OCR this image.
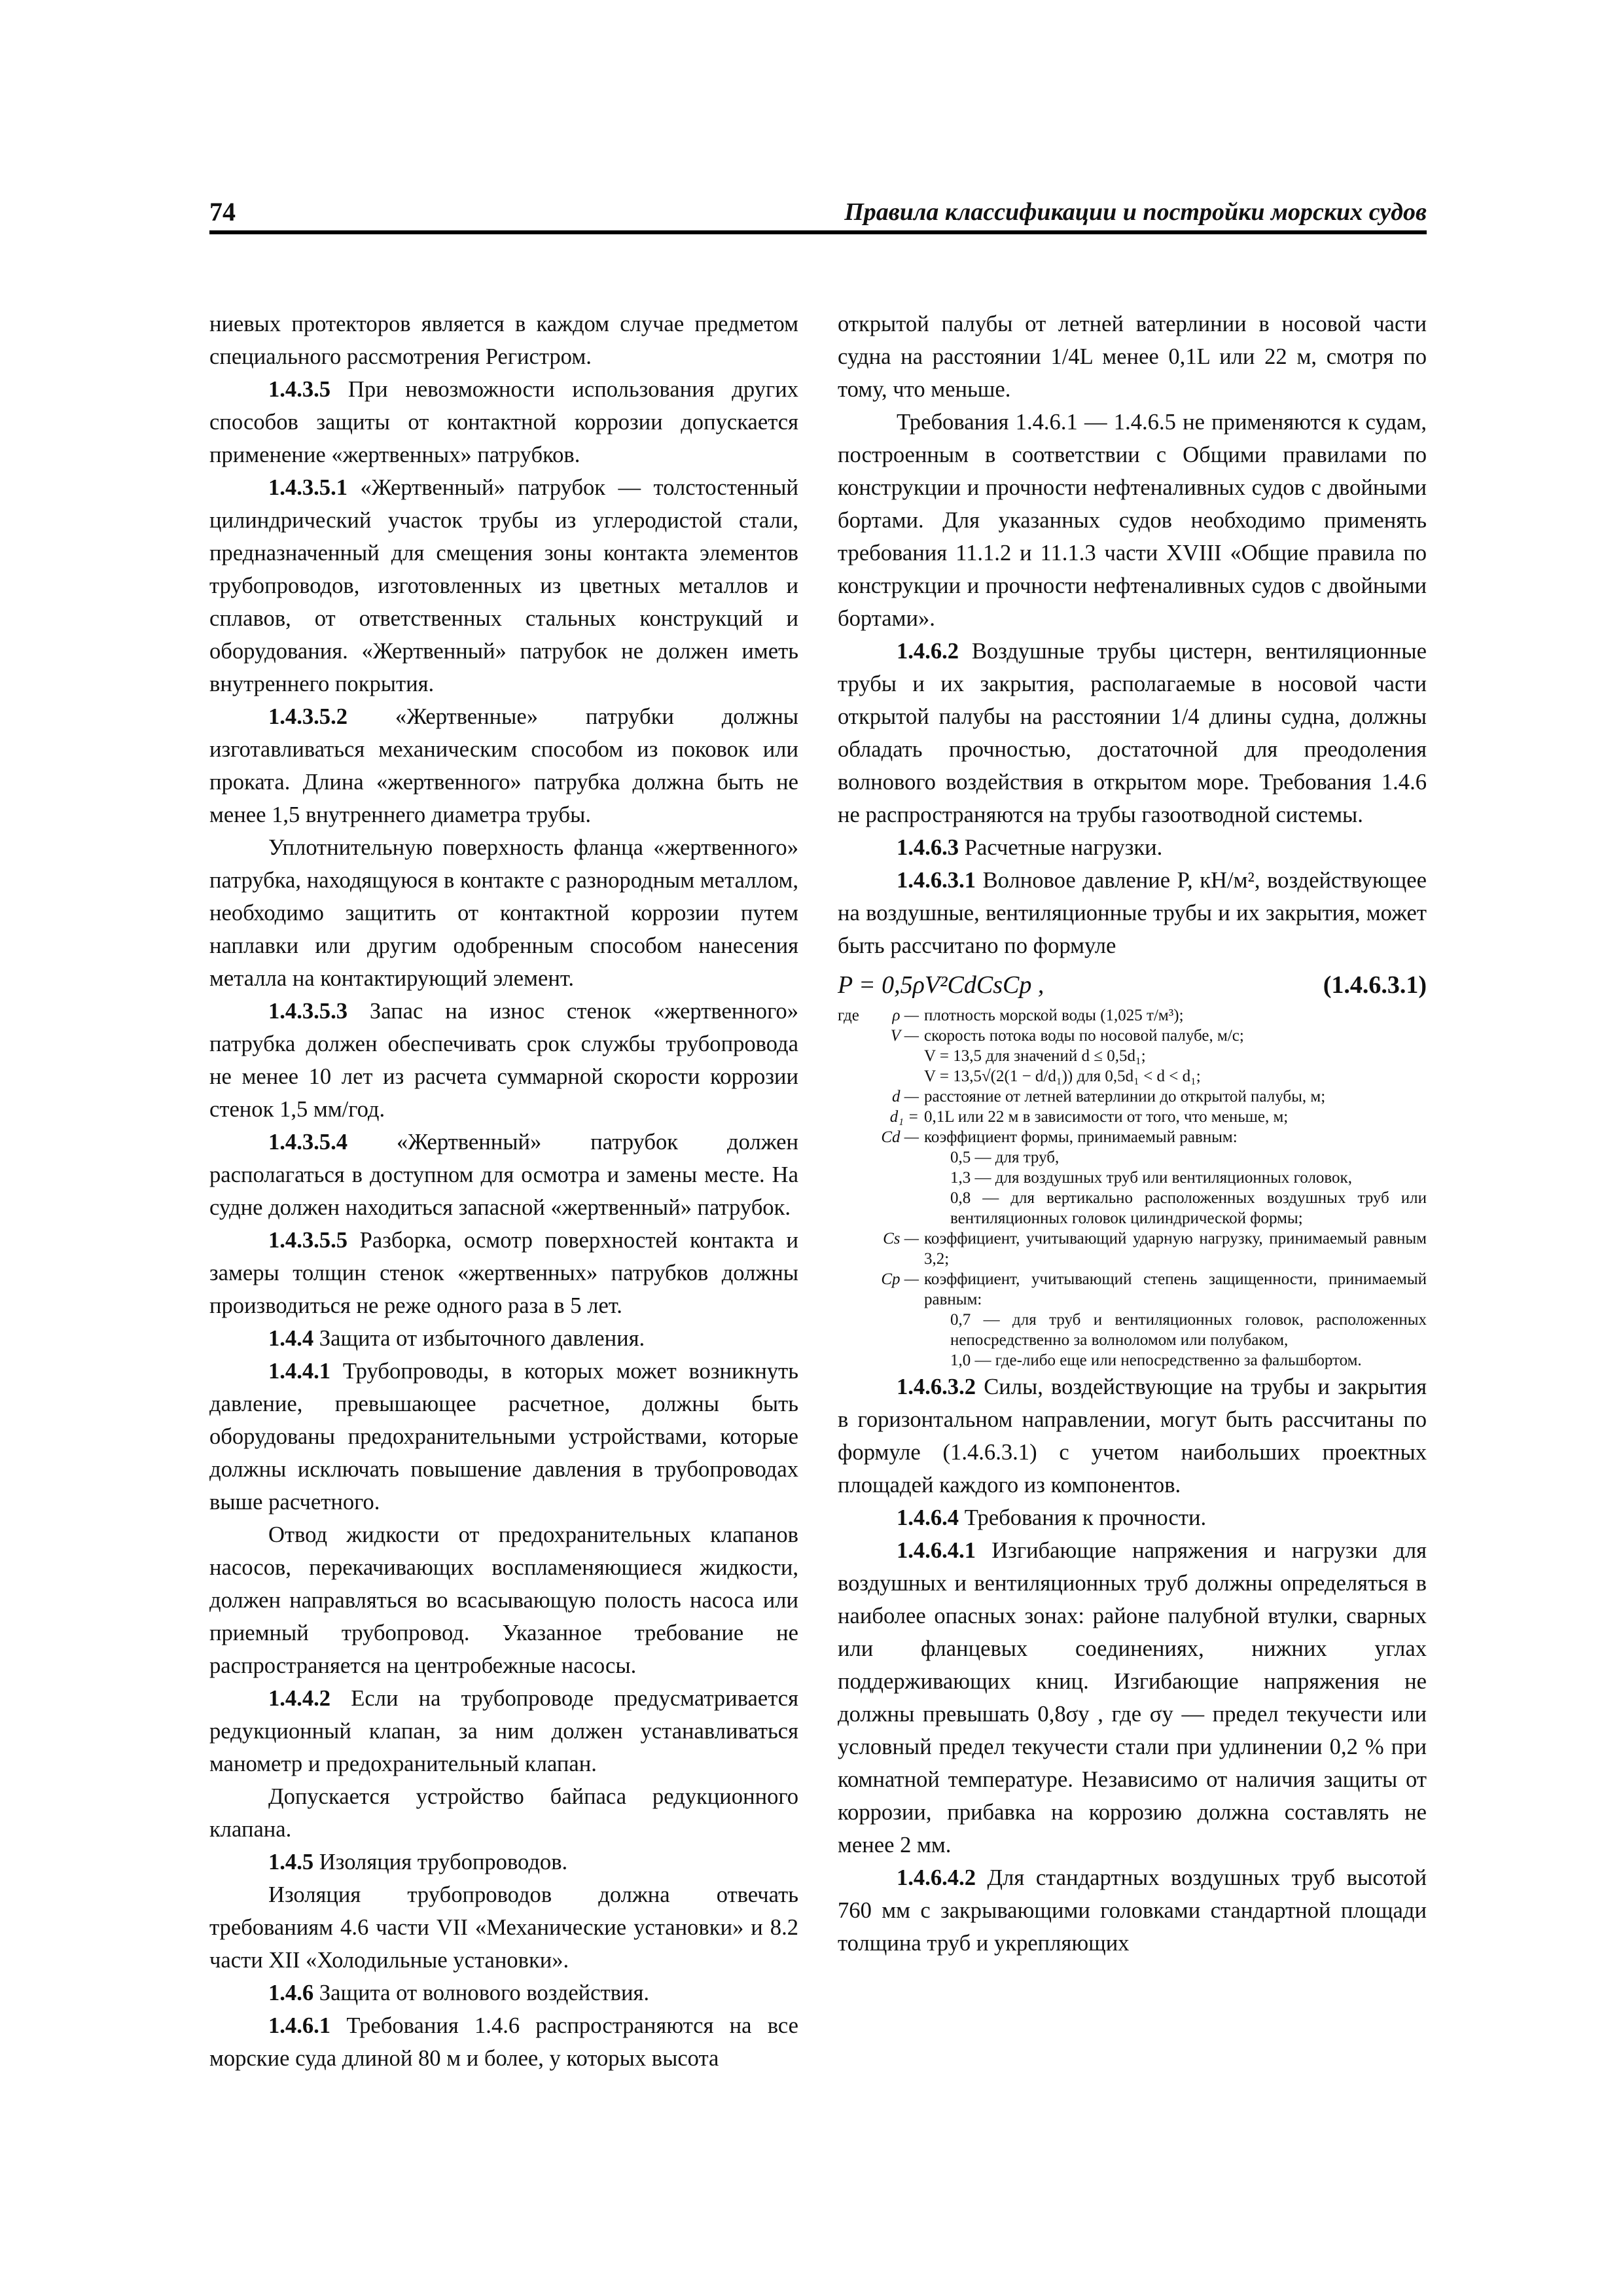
74	Правила классификации и постройки морских судов

ниевых протекторов является в каждом случае предметом специального рассмотрения Регистром.

1.4.3.5 При невозможности использования других способов защиты от контактной коррозии допускается применение «жертвенных» патрубков.

1.4.3.5.1 «Жертвенный» патрубок — толстостенный цилиндрический участок трубы из углеродистой стали, предназначенный для смещения зоны контакта элементов трубопроводов, изготовленных из цветных металлов и сплавов, от ответственных стальных конструкций и оборудования. «Жертвенный» патрубок не должен иметь внутреннего покрытия.

1.4.3.5.2 «Жертвенные» патрубки должны изготавливаться механическим способом из поковок или проката. Длина «жертвенного» патрубка должна быть не менее 1,5 внутреннего диаметра трубы.

Уплотнительную поверхность фланца «жертвенного» патрубка, находящуюся в контакте с разнородным металлом, необходимо защитить от контактной коррозии путем наплавки или другим одобренным способом нанесения металла на контактирующий элемент.

1.4.3.5.3 Запас на износ стенок «жертвенного» патрубка должен обеспечивать срок службы трубопровода не менее 10 лет из расчета суммарной скорости коррозии стенок 1,5 мм/год.

1.4.3.5.4 «Жертвенный» патрубок должен располагаться в доступном для осмотра и замены месте. На судне должен находиться запасной «жертвенный» патрубок.

1.4.3.5.5 Разборка, осмотр поверхностей контакта и замеры толщин стенок «жертвенных» патрубков должны производиться не реже одного раза в 5 лет.

1.4.4 Защита от избыточного давления.

1.4.4.1 Трубопроводы, в которых может возникнуть давление, превышающее расчетное, должны быть оборудованы предохранительными устройствами, которые должны исключать повышение давления в трубопроводах выше расчетного.

Отвод жидкости от предохранительных клапанов насосов, перекачивающих воспламеняющиеся жидкости, должен направляться во всасывающую полость насоса или приемный трубопровод. Указанное требование не распространяется на центробежные насосы.

1.4.4.2 Если на трубопроводе предусматривается редукционный клапан, за ним должен устанавливаться манометр и предохранительный клапан.

Допускается устройство байпаса редукционного клапана.

1.4.5 Изоляция трубопроводов.

Изоляция трубопроводов должна отвечать требованиям 4.6 части VII «Механические установки» и 8.2 части XII «Холодильные установки».

1.4.6 Защита от волнового воздействия.

1.4.6.1 Требования 1.4.6 распространяются на все морские суда длиной 80 м и более, у которых высота

открытой палубы от летней ватерлинии в носовой части судна на расстоянии 1/4L менее 0,1L или 22 м, смотря по тому, что меньше.

Требования 1.4.6.1 — 1.4.6.5 не применяются к судам, построенным в соответствии с Общими правилами по конструкции и прочности нефтеналивных судов с двойными бортами. Для указанных судов необходимо применять требования 11.1.2 и 11.1.3 части XVIII «Общие правила по конструкции и прочности нефтеналивных судов с двойными бортами».

1.4.6.2 Воздушные трубы цистерн, вентиляционные трубы и их закрытия, располагаемые в носовой части открытой палубы на расстоянии 1/4 длины судна, должны обладать прочностью, достаточной для преодоления волнового воздействия в открытом море. Требования 1.4.6 не распространяются на трубы газоотводной системы.

1.4.6.3 Расчетные нагрузки.

1.4.6.3.1 Волновое давление P, кН/м², воздействующее на воздушные, вентиляционные трубы и их закрытия, может быть рассчитано по формуле

P = 0,5ρV²CdCsCp ,	(1.4.6.3.1)
где	ρ — плотность морской воды (1,025 т/м³);
V — скорость потока воды по носовой палубе, м/с;
V = 13,5 для значений d ≤ 0,5d₁;
V = 13,5√(2(1 − d/d₁)) для 0,5d₁ < d < d₁;
d — расстояние от летней ватерлинии до открытой палубы, м;
d₁ = 0,1L или 22 м в зависимости от того, что меньше, м;
Cd — коэффициент формы, принимаемый равным:
0,5 — для труб,
1,3 — для воздушных труб или вентиляционных головок,
0,8 — для вертикально расположенных воздушных труб или вентиляционных головок цилиндрической формы;
Cs — коэффициент, учитывающий ударную нагрузку, принимаемый равным 3,2;
Cp — коэффициент, учитывающий степень защищенности, принимаемый равным:
0,7 — для труб и вентиляционных головок, расположенных непосредственно за волноломом или полубаком,
1,0 — где-либо еще или непосредственно за фальшбортом.

1.4.6.3.2 Силы, воздействующие на трубы и закрытия в горизонтальном направлении, могут быть рассчитаны по формуле (1.4.6.3.1) с учетом наибольших проектных площадей каждого из компонентов.

1.4.6.4 Требования к прочности.

1.4.6.4.1 Изгибающие напряжения и нагрузки для воздушных и вентиляционных труб должны определяться в наиболее опасных зонах: районе палубной втулки, сварных или фланцевых соединениях, нижних углах поддерживающих книц. Изгибающие напряжения не должны превышать 0,8σy , где σy — предел текучести или условный предел текучести стали при удлинении 0,2 % при комнатной температуре. Независимо от наличия защиты от коррозии, прибавка на коррозию должна составлять не менее 2 мм.

1.4.6.4.2 Для стандартных воздушных труб высотой 760 мм с закрывающими головками стандартной площади толщина труб и укрепляющих
